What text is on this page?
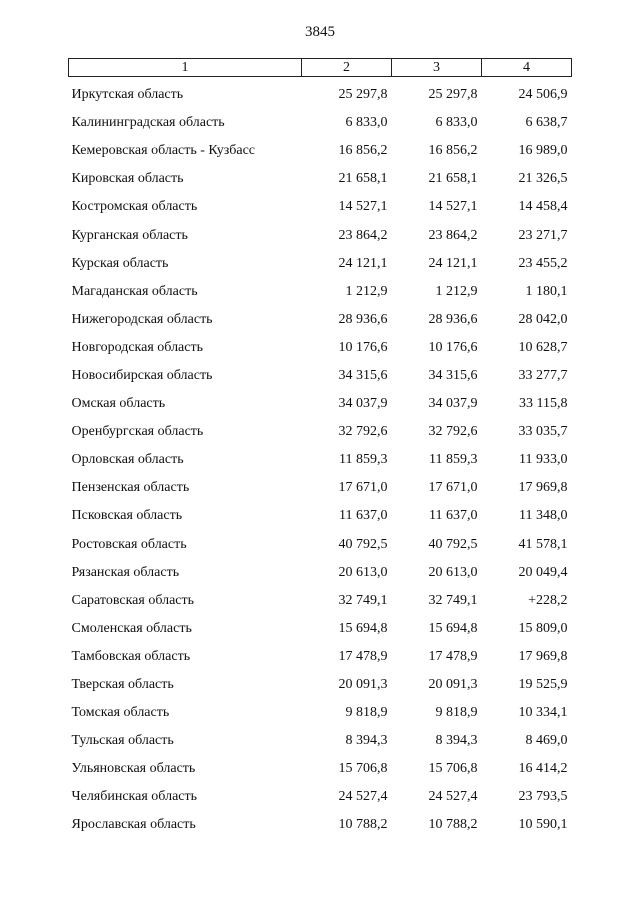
3845
1	2	3	4
Иркутская область	25 297,8	25 297,8	24 506,9
Калининградская область	6 833,0	6 833,0	6 638,7
Кемеровская область - Кузбасс	16 856,2	16 856,2	16 989,0
Кировская область	21 658,1	21 658,1	21 326,5
Костромская область	14 527,1	14 527,1	14 458,4
Курганская область	23 864,2	23 864,2	23 271,7
Курская область	24 121,1	24 121,1	23 455,2
Магаданская область	1 212,9	1 212,9	1 180,1
Нижегородская область	28 936,6	28 936,6	28 042,0
Новгородская область	10 176,6	10 176,6	10 628,7
Новосибирская область	34 315,6	34 315,6	33 277,7
Омская область	34 037,9	34 037,9	33 115,8
Оренбургская область	32 792,6	32 792,6	33 035,7
Орловская область	11 859,3	11 859,3	11 933,0
Пензенская область	17 671,0	17 671,0	17 969,8
Псковская область	11 637,0	11 637,0	11 348,0
Ростовская область	40 792,5	40 792,5	41 578,1
Рязанская область	20 613,0	20 613,0	20 049,4
Саратовская область	32 749,1	32 749,1	+228,2
Смоленская область	15 694,8	15 694,8	15 809,0
Тамбовская область	17 478,9	17 478,9	17 969,8
Тверская область	20 091,3	20 091,3	19 525,9
Томская область	9 818,9	9 818,9	10 334,1
Тульская область	8 394,3	8 394,3	8 469,0
Ульяновская область	15 706,8	15 706,8	16 414,2
Челябинская область	24 527,4	24 527,4	23 793,5
Ярославская область	10 788,2	10 788,2	10 590,1
